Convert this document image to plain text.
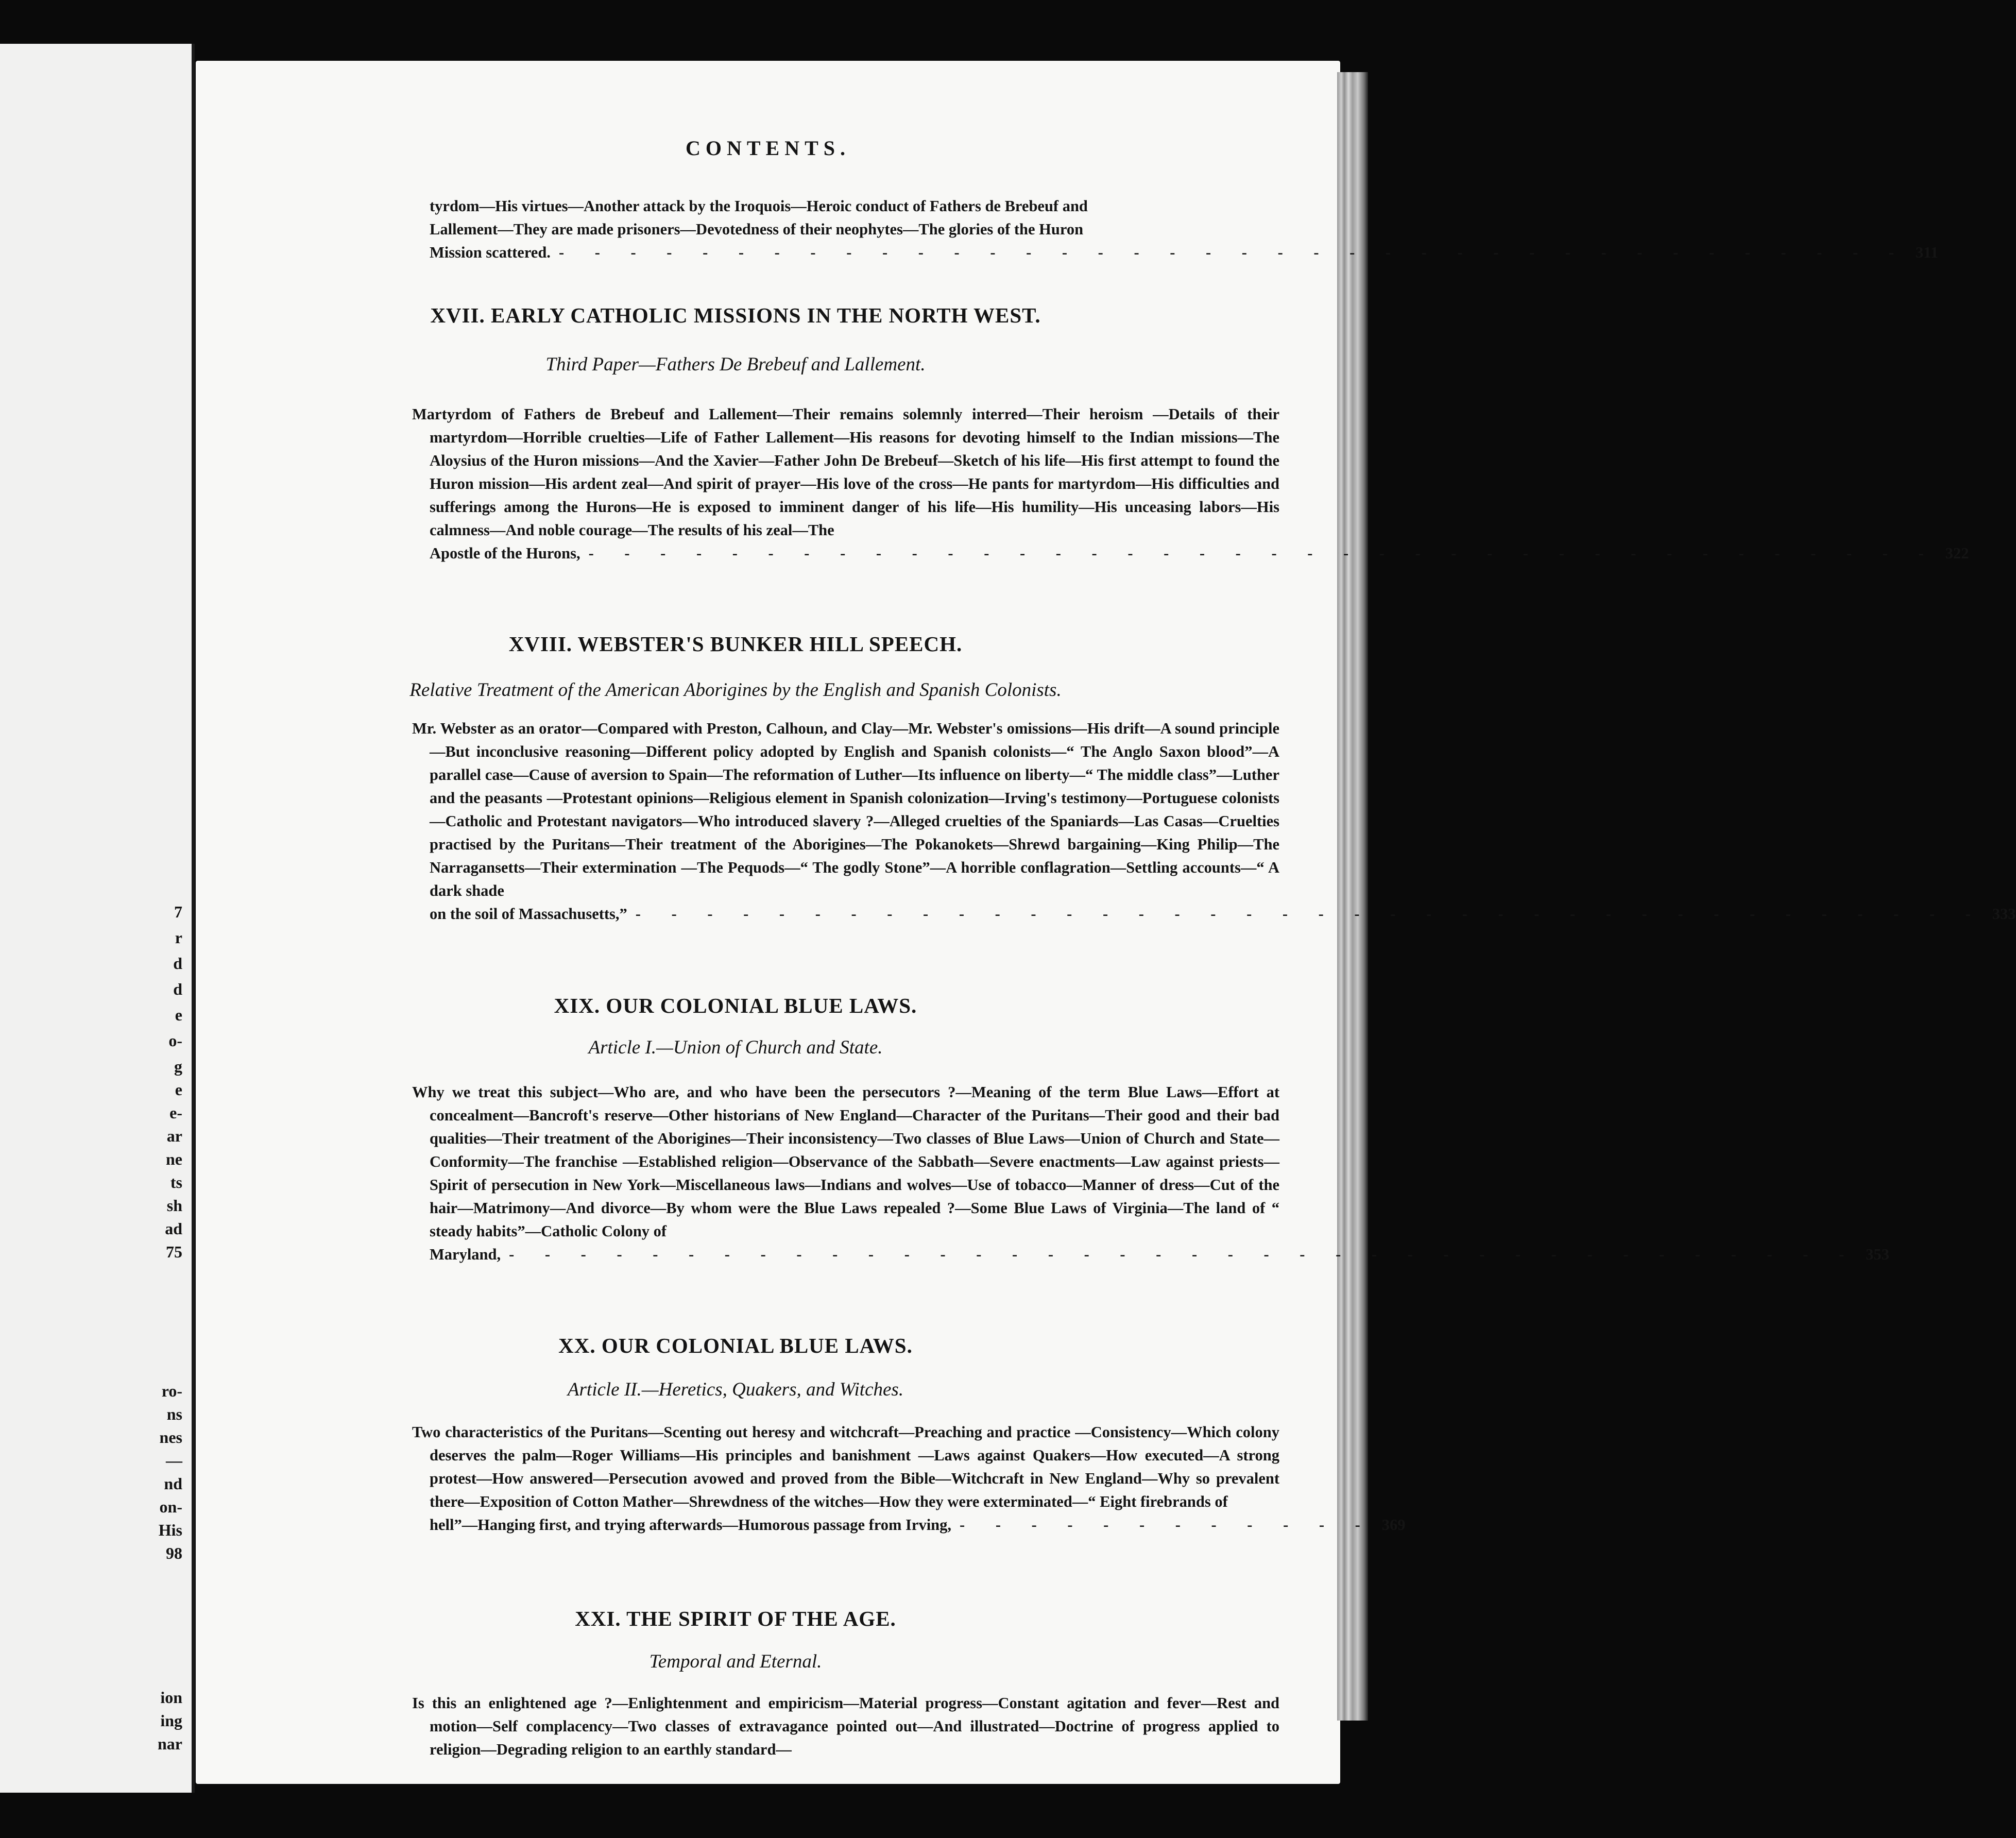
7
r
d
d
e
o-
g
e
e-
ar
ne
ts
sh
ad
75
ro-
ns
nes
—
nd
on-
His
98
ion
ing
nar
CONTENTS.
tyrdom—His virtues—Another attack by the Iroquois—Heroic conduct of Fathers de Brebeuf and
Lallement—They are made prisoners—Devotedness of their neophytes—The glories of the Huron
Mission scattered. - - - - - - - - - - - - - - - - - - - - - - - - - - - - - - - - - - - - - - 311
XVII. EARLY CATHOLIC MISSIONS IN THE NORTH WEST.
Third Paper—Fathers De Brebeuf and Lallement.
Martyrdom of Fathers de Brebeuf and Lallement—Their remains solemnly interred—Their heroism —Details of their martyrdom—Horrible cruelties—Life of Father Lallement—His reasons for devoting himself to the Indian missions—The Aloysius of the Huron missions—And the Xavier—Father John De Brebeuf—Sketch of his life—His first attempt to found the Huron mission—His ardent zeal—And spirit of prayer—His love of the cross—He pants for martyrdom—His difficulties and sufferings among the Hurons—He is exposed to imminent danger of his life—His humility—His unceasing labors—His calmness—And noble courage—The results of his zeal—The
Apostle of the Hurons, - - - - - - - - - - - - - - - - - - - - - - - - - - - - - - - - - - - - - - 322
XVIII. WEBSTER'S BUNKER HILL SPEECH.
Relative Treatment of the American Aborigines by the English and Spanish Colonists.
Mr. Webster as an orator—Compared with Preston, Calhoun, and Clay—Mr. Webster's omissions—His drift—A sound principle—But inconclusive reasoning—Different policy adopted by English and Spanish colonists—“ The Anglo Saxon blood”—A parallel case—Cause of aversion to Spain—The reformation of Luther—Its influence on liberty—“ The middle class”—Luther and the peasants —Protestant opinions—Religious element in Spanish colonization—Irving's testimony—Portuguese colonists—Catholic and Protestant navigators—Who introduced slavery ?—Alleged cruelties of the Spaniards—Las Casas—Cruelties practised by the Puritans—Their treatment of the Aborigines—The Pokanokets—Shrewd bargaining—King Philip—The Narragansetts—Their extermination —The Pequods—“ The godly Stone”—A horrible conflagration—Settling accounts—“ A dark shade
on the soil of Massachusetts,” - - - - - - - - - - - - - - - - - - - - - - - - - - - - - - - - - - - - - - 333
XIX. OUR COLONIAL BLUE LAWS.
Article I.—Union of Church and State.
Why we treat this subject—Who are, and who have been the persecutors ?—Meaning of the term Blue Laws—Effort at concealment—Bancroft's reserve—Other historians of New England—Character of the Puritans—Their good and their bad qualities—Their treatment of the Aborigines—Their inconsistency—Two classes of Blue Laws—Union of Church and State—Conformity—The franchise —Established religion—Observance of the Sabbath—Severe enactments—Law against priests—Spirit of persecution in New York—Miscellaneous laws—Indians and wolves—Use of tobacco—Manner of dress—Cut of the hair—Matrimony—And divorce—By whom were the Blue Laws repealed ?—Some Blue Laws of Virginia—The land of “ steady habits”—Catholic Colony of
Maryland, - - - - - - - - - - - - - - - - - - - - - - - - - - - - - - - - - - - - - - 353
XX. OUR COLONIAL BLUE LAWS.
Article II.—Heretics, Quakers, and Witches.
Two characteristics of the Puritans—Scenting out heresy and witchcraft—Preaching and practice —Consistency—Which colony deserves the palm—Roger Williams—His principles and banishment —Laws against Quakers—How executed—A strong protest—How answered—Persecution avowed and proved from the Bible—Witchcraft in New England—Why so prevalent there—Exposition of Cotton Mather—Shrewdness of the witches—How they were exterminated—“ Eight firebrands of
hell”—Hanging first, and trying afterwards—Humorous passage from Irving, - - - - - - - - - - - - 369
XXI. THE SPIRIT OF THE AGE.
Temporal and Eternal.
Is this an enlightened age ?—Enlightenment and empiricism—Material progress—Constant agitation and fever—Rest and motion—Self complacency—Two classes of extravagance pointed out—And illustrated—Doctrine of progress applied to religion—Degrading religion to an earthly standard—
